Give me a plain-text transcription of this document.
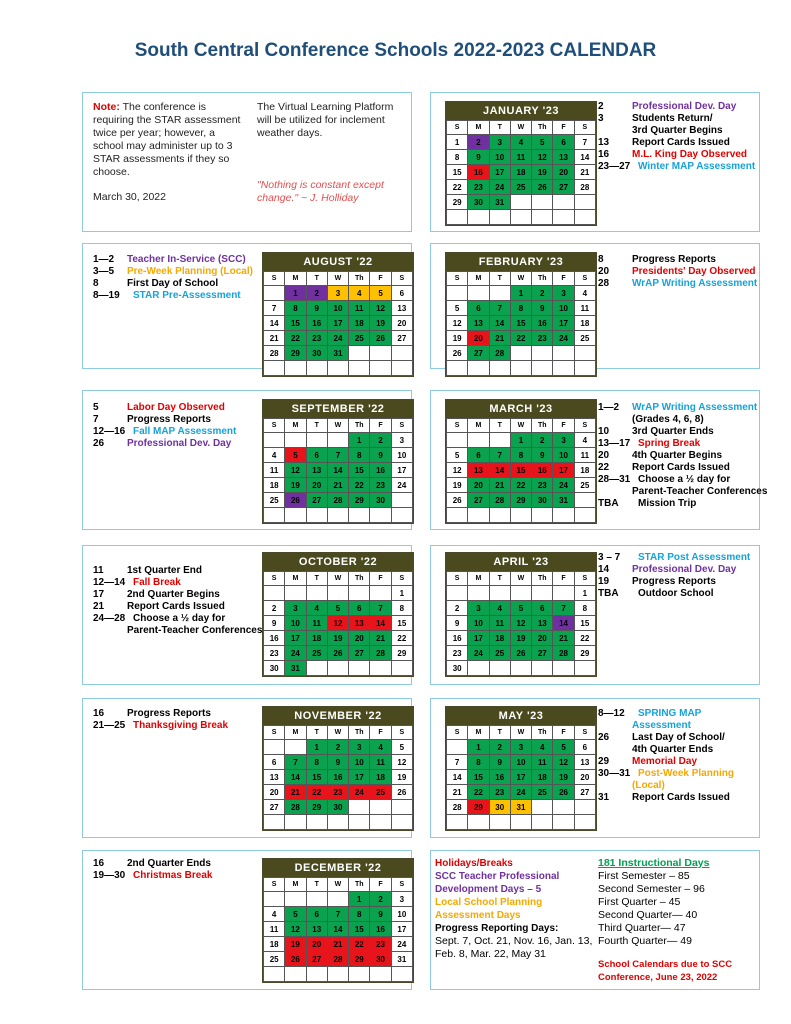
South Central Conference Schools 2022-2023 CALENDAR
Note: The conference is requiring the STAR assessment twice per year; however, a school may administer up to 3 STAR assessments if they so choose.
March 30, 2022
The Virtual Learning Platform will be utilized for inclement weather days.
"Nothing is constant except change." ~ J. Holliday
JANUARY '23
S	M	T	W	Th	F	S
1	2	3	4	5	6	7
8	9	10	11	12	13	14
15	16	17	18	19	20	21
22	23	24	25	26	27	28
29	30	31				

2	Professional Dev. Day
3	Students Return/
3rd Quarter Begins
13	Report Cards Issued
16	M.L. King Day Observed
23—27 Winter MAP Assessment
AUGUST '22
S	M	T	W	Th	F	S
	1	2	3	4	5	6
7	8	9	10	11	12	13
14	15	16	17	18	19	20
21	22	23	24	25	26	27
28	29	30	31			

1—2	Teacher In-Service (SCC)
3—5	Pre-Week Planning (Local)
8	First Day of School
8—19	STAR Pre-Assessment
FEBRUARY '23
S	M	T	W	Th	F	S
			1	2	3	4
5	6	7	8	9	10	11
12	13	14	15	16	17	18
19	20	21	22	23	24	25
26	27	28				

8	Progress Reports
20	Presidents' Day Observed
28	WrAP Writing Assessment
SEPTEMBER '22
S	M	T	W	Th	F	S
				1	2	3
4	5	6	7	8	9	10
11	12	13	14	15	16	17
18	19	20	21	22	23	24
25	26	27	28	29	30	

5	Labor Day Observed
7	Progress Reports
12—16 Fall MAP Assessment
26	Professional Dev. Day
MARCH '23
S	M	T	W	Th	F	S
			1	2	3	4
5	6	7	8	9	10	11
12	13	14	15	16	17	18
19	20	21	22	23	24	25
26	27	28	29	30	31	

1—2	WrAP Writing Assessment
(Grades 4, 6, 8)
10	3rd Quarter Ends
13—17 Spring Break
20	4th Quarter Begins
22	Report Cards Issued
28—31 Choose a ½ day for
Parent-Teacher Conferences
TBA	Mission Trip
OCTOBER '22
S	M	T	W	Th	F	S
						1
2	3	4	5	6	7	8
9	10	11	12	13	14	15
16	17	18	19	20	21	22
23	24	25	26	27	28	29
30	31					
11	1st Quarter End
12—14 Fall Break
17	2nd Quarter Begins
21	Report Cards Issued
24—28 Choose a ½ day for
Parent-Teacher Conferences
APRIL '23
S	M	T	W	Th	F	S
						1
2	3	4	5	6	7	8
9	10	11	12	13	14	15
16	17	18	19	20	21	22
23	24	25	26	27	28	29
30						
3 – 7	STAR Post Assessment
14	Professional Dev. Day
19	Progress Reports
TBA	Outdoor School
NOVEMBER '22
S	M	T	W	Th	F	S
		1	2	3	4	5
6	7	8	9	10	11	12
13	14	15	16	17	18	19
20	21	22	23	24	25	26
27	28	29	30			

16	Progress Reports
21—25 Thanksgiving Break
MAY '23
S	M	T	W	Th	F	S
	1	2	3	4	5	6
7	8	9	10	11	12	13
14	15	16	17	18	19	20
21	22	23	24	25	26	27
28	29	30	31			

8—12	SPRING MAP
Assessment
26	Last Day of School/
4th Quarter Ends
29	Memorial Day
30—31 Post-Week Planning
(Local)
31	Report Cards Issued
DECEMBER '22
S	M	T	W	Th	F	S
				1	2	3
4	5	6	7	8	9	10
11	12	13	14	15	16	17
18	19	20	21	22	23	24
25	26	27	28	29	30	31

16	2nd Quarter Ends
19—30 Christmas Break
Holidays/Breaks
SCC Teacher Professional Development Days – 5
Local School Planning Assessment Days
Progress Reporting Days:
Sept. 7, Oct. 21, Nov. 16, Jan. 13, Feb. 8, Mar. 22, May 31
181 Instructional Days
First Semester – 85
Second Semester – 96
First Quarter – 45
Second Quarter— 40
Third Quarter— 47
Fourth Quarter— 49
School Calendars due to SCC Conference, June 23, 2022
